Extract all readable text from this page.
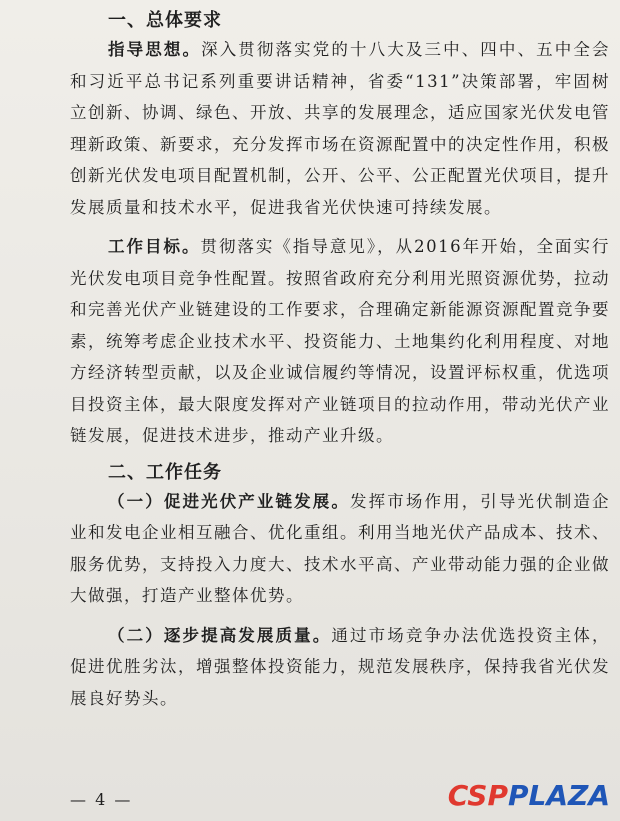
一、总体要求

指导思想。深入贯彻落实党的十八大及三中、四中、五中全会和习近平总书记系列重要讲话精神，省委“131”决策部署，牢固树立创新、协调、绿色、开放、共享的发展理念，适应国家光伏发电管理新政策、新要求，充分发挥市场在资源配置中的决定性作用，积极创新光伏发电项目配置机制，公开、公平、公正配置光伏项目，提升发展质量和技术水平，促进我省光伏快速可持续发展。

工作目标。贯彻落实《指导意见》，从2016年开始，全面实行光伏发电项目竞争性配置。按照省政府充分利用光照资源优势，拉动和完善光伏产业链建设的工作要求，合理确定新能源资源配置竞争要素，统筹考虑企业技术水平、投资能力、土地集约化利用程度、对地方经济转型贡献，以及企业诚信履约等情况，设置评标权重，优选项目投资主体，最大限度发挥对产业链项目的拉动作用，带动光伏产业链发展，促进技术进步，推动产业升级。

二、工作任务

（一）促进光伏产业链发展。发挥市场作用，引导光伏制造企业和发电企业相互融合、优化重组。利用当地光伏产品成本、技术、服务优势，支持投入力度大、技术水平高、产业带动能力强的企业做大做强，打造产业整体优势。

（二）逐步提高发展质量。通过市场竞争办法优选投资主体，促进优胜劣汰，增强整体投资能力，规范发展秩序，保持我省光伏发展良好势头。

— 4 —	CSPPLAZA
